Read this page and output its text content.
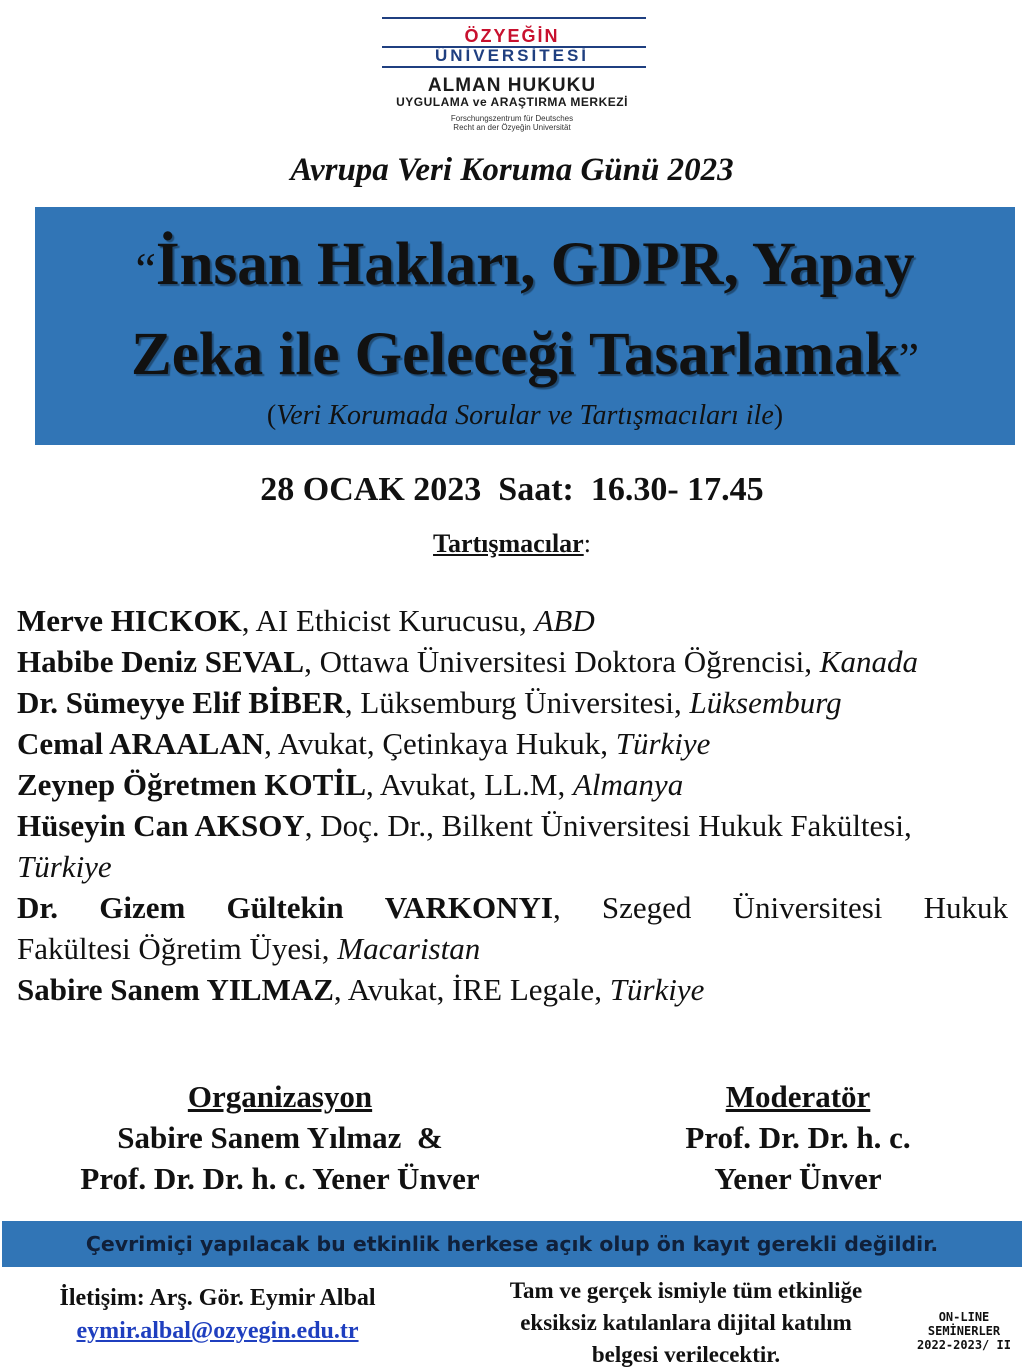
ÖZYEĞİN
ÜNİVERSİTESİ
ALMAN HUKUKU
UYGULAMA ve ARAŞTIRMA MERKEZİ
Forschungszentrum für Deutsches
Recht an der Özyeğin Universität
Avrupa Veri Koruma Günü 2023
“İnsan Hakları, GDPR, Yapay
Zeka ile Geleceği Tasarlamak”
(Veri Korumada Sorular ve Tartışmacıları ile)
28 OCAK 2023  Saat:  16.30- 17.45
Tartışmacılar:
Merve HICKOK, AI Ethicist Kurucusu, ABD
Habibe Deniz SEVAL, Ottawa Üniversitesi Doktora Öğrencisi, Kanada
Dr. Sümeyye Elif BİBER, Lüksemburg Üniversitesi, Lüksemburg
Cemal ARAALAN, Avukat, Çetinkaya Hukuk, Türkiye
Zeynep Öğretmen KOTİL, Avukat, LL.M, Almanya
Hüseyin Can AKSOY, Doç. Dr., Bilkent Üniversitesi Hukuk Fakültesi,
Türkiye
Dr. Gizem Gültekin VARKONYI, Szeged Üniversitesi Hukuk
Fakültesi Öğretim Üyesi, Macaristan
Sabire Sanem YILMAZ, Avukat, İRE Legale, Türkiye
Organizasyon
Sabire Sanem Yılmaz  &
Prof. Dr. Dr. h. c. Yener Ünver
Moderatör
Prof. Dr. Dr. h. c.
Yener Ünver
Çevrimiçi yapılacak bu etkinlik herkese açık olup ön kayıt gerekli değildir.
İletişim: Arş. Gör. Eymir Albal
eymir.albal@ozyegin.edu.tr
Tam ve gerçek ismiyle tüm etkinliğe
eksiksiz katılanlara dijital katılım
belgesi verilecektir.
ON-LINE
SEMİNERLER
2022-2023/ II
